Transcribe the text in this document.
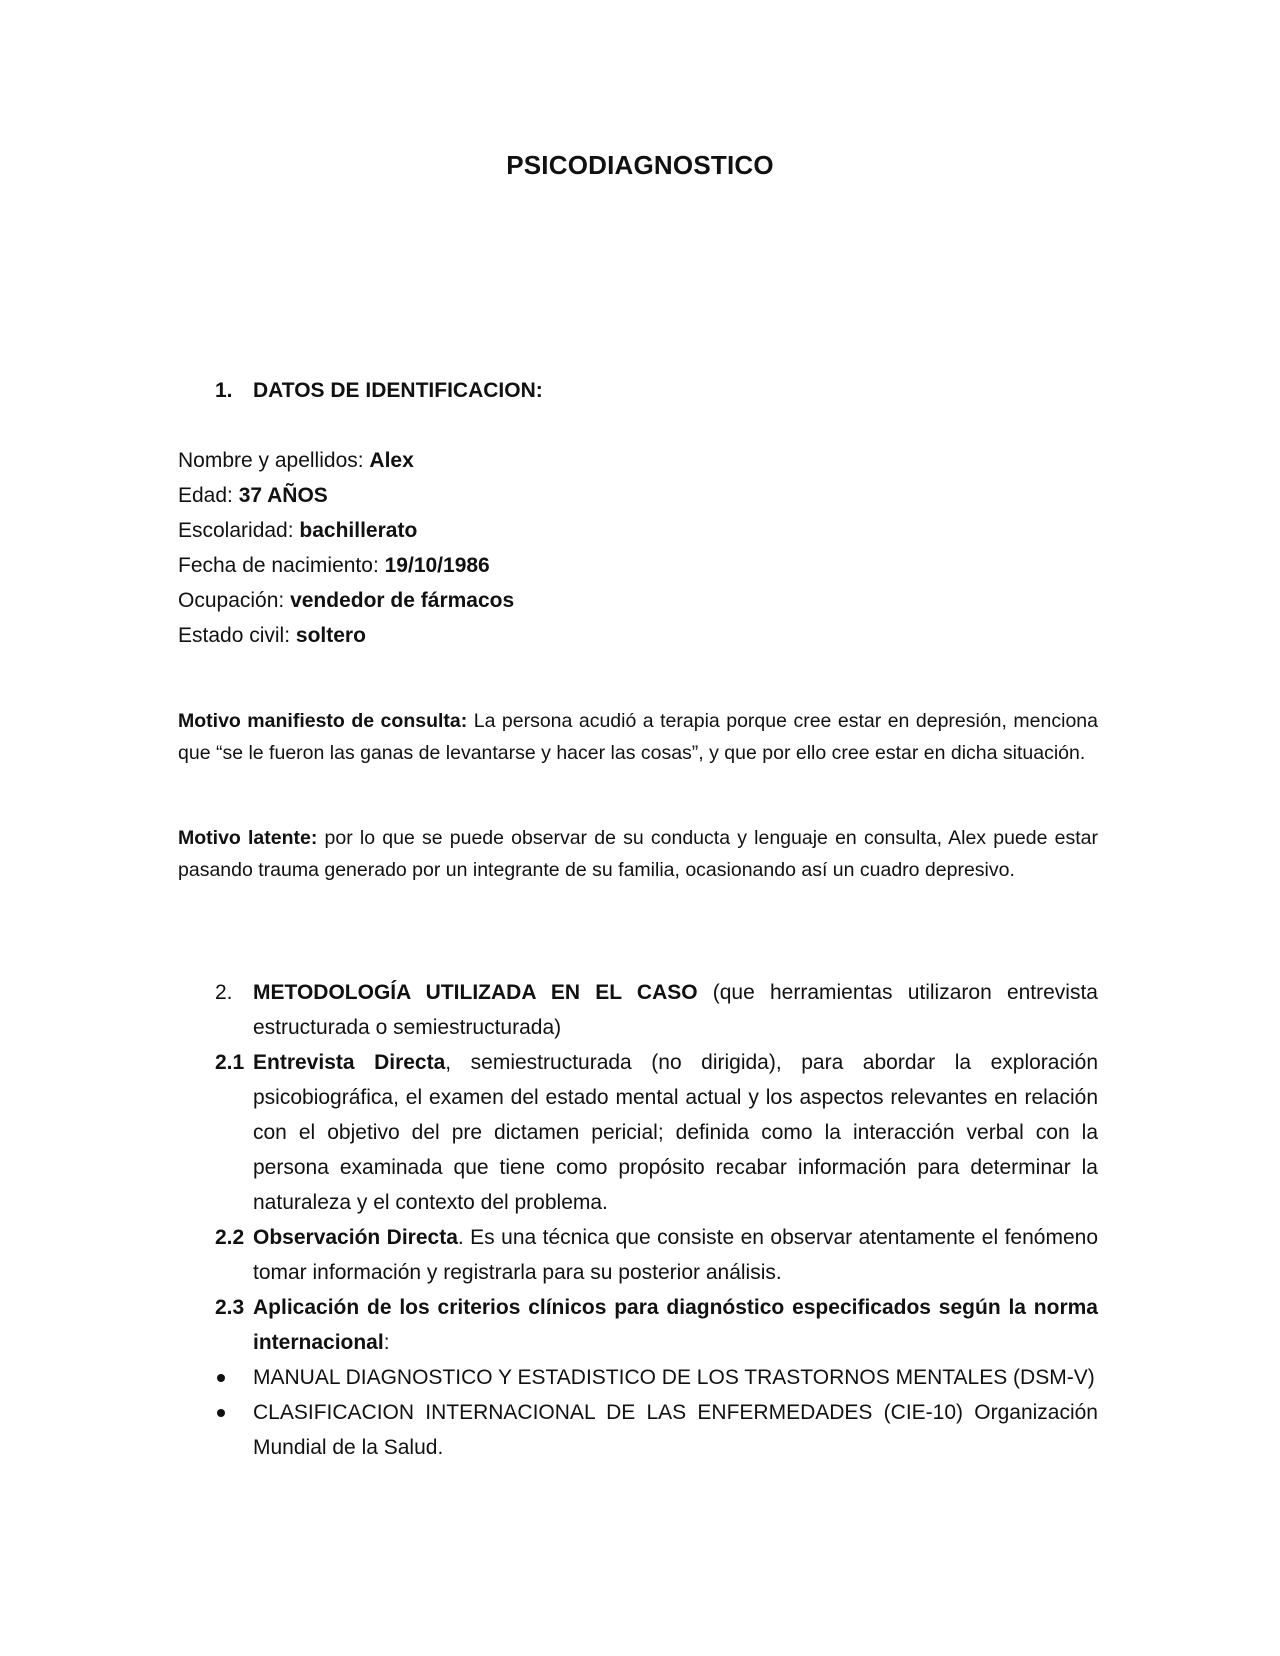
PSICODIAGNOSTICO
1. DATOS DE IDENTIFICACION:
Nombre y apellidos: Alex
Edad: 37 AÑOS
Escolaridad: bachillerato
Fecha de nacimiento: 19/10/1986
Ocupación: vendedor de fármacos
Estado civil: soltero
Motivo manifiesto de consulta: La persona acudió a terapia porque cree estar en depresión, menciona que “se le fueron las ganas de levantarse y hacer las cosas”, y que por ello cree estar en dicha situación.
Motivo latente: por lo que se puede observar de su conducta y lenguaje en consulta, Alex puede estar pasando trauma generado por un integrante de su familia, ocasionando así un cuadro depresivo.
2. METODOLOGÍA UTILIZADA EN EL CASO (que herramientas utilizaron entrevista estructurada o semiestructurada)
2.1 Entrevista Directa, semiestructurada (no dirigida), para abordar la exploración psicobiográfica, el examen del estado mental actual y los aspectos relevantes en relación con el objetivo del pre dictamen pericial; definida como la interacción verbal con la persona examinada que tiene como propósito recabar información para determinar la naturaleza y el contexto del problema.
2.2 Observación Directa. Es una técnica que consiste en observar atentamente el fenómeno tomar información y registrarla para su posterior análisis.
2.3 Aplicación de los criterios clínicos para diagnóstico especificados según la norma internacional:
MANUAL DIAGNOSTICO Y ESTADISTICO DE LOS TRASTORNOS MENTALES (DSM-V)
CLASIFICACION INTERNACIONAL DE LAS ENFERMEDADES (CIE-10) Organización Mundial de la Salud.
